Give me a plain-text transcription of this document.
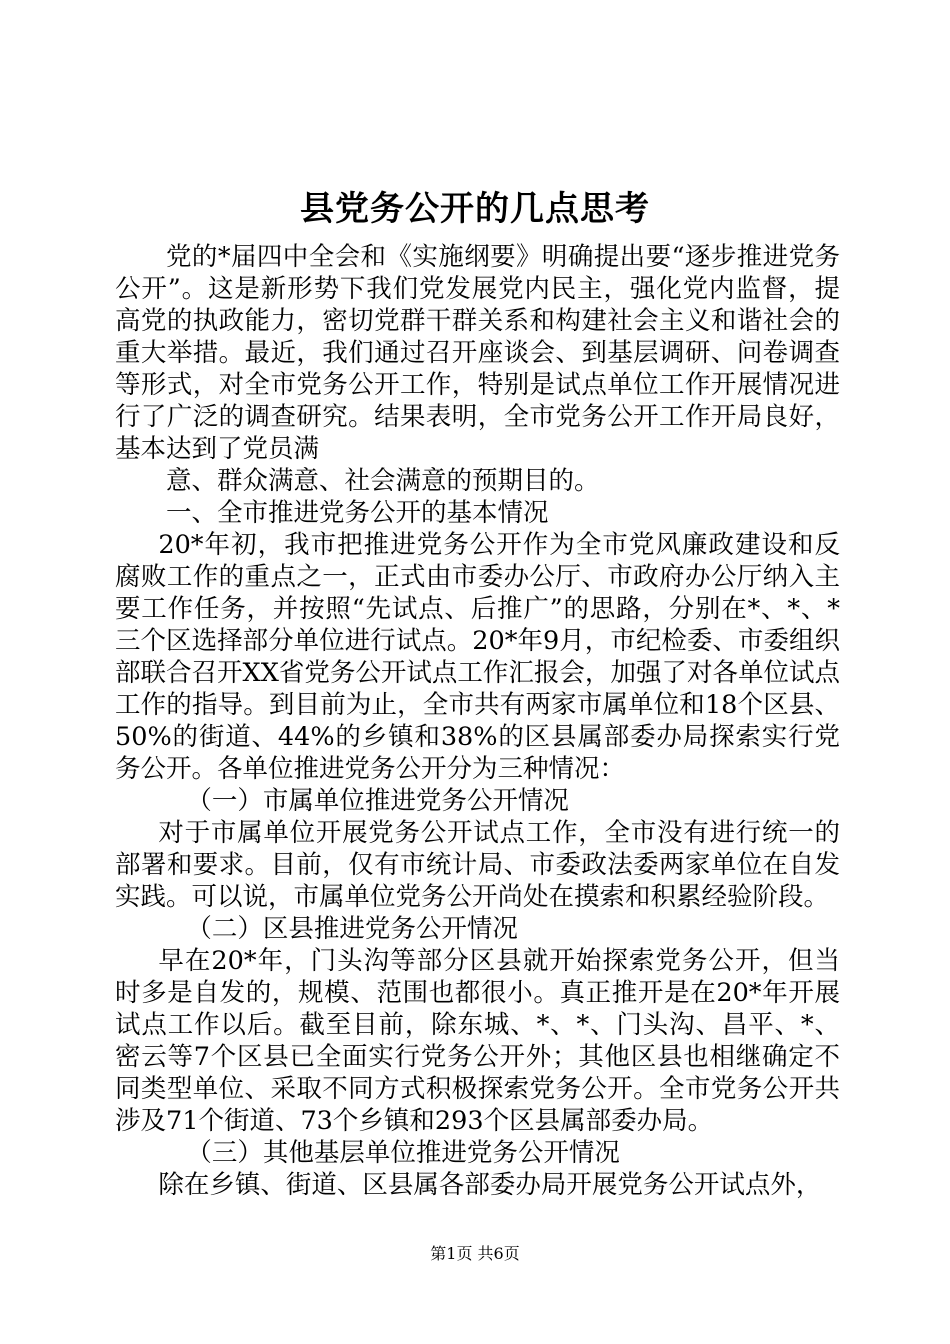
县党务公开的几点思考

党的*届四中全会和《实施纲要》明确提出要“逐步推进党务公开”。这是新形势下我们党发展党内民主，强化党内监督，提高党的执政能力，密切党群干群关系和构建社会主义和谐社会的重大举措。最近，我们通过召开座谈会、到基层调研、问卷调查等形式，对全市党务公开工作，特别是试点单位工作开展情况进行了广泛的调查研究。结果表明，全市党务公开工作开局良好，基本达到了党员满

意、群众满意、社会满意的预期目的。

一、全市推进党务公开的基本情况

20*年初，我市把推进党务公开作为全市党风廉政建设和反腐败工作的重点之一，正式由市委办公厅、市政府办公厅纳入主要工作任务，并按照“先试点、后推广”的思路，分别在*、*、*三个区选择部分单位进行试点。20*年9月，市纪检委、市委组织部联合召开XX省党务公开试点工作汇报会，加强了对各单位试点工作的指导。到目前为止，全市共有两家市属单位和18个区县、50%的街道、44%的乡镇和38%的区县属部委办局探索实行党务公开。各单位推进党务公开分为三种情况：

（一）市属单位推进党务公开情况

对于市属单位开展党务公开试点工作，全市没有进行统一的部署和要求。目前，仅有市统计局、市委政法委两家单位在自发实践。可以说，市属单位党务公开尚处在摸索和积累经验阶段。

（二）区县推进党务公开情况

早在20*年，门头沟等部分区县就开始探索党务公开，但当时多是自发的，规模、范围也都很小。真正推开是在20*年开展试点工作以后。截至目前，除东城、*、*、门头沟、昌平、*、密云等7个区县已全面实行党务公开外；其他区县也相继确定不同类型单位、采取不同方式积极探索党务公开。全市党务公开共涉及71个街道、73个乡镇和293个区县属部委办局。

（三）其他基层单位推进党务公开情况

除在乡镇、街道、区县属各部委办局开展党务公开试点外，

第1页 共6页
